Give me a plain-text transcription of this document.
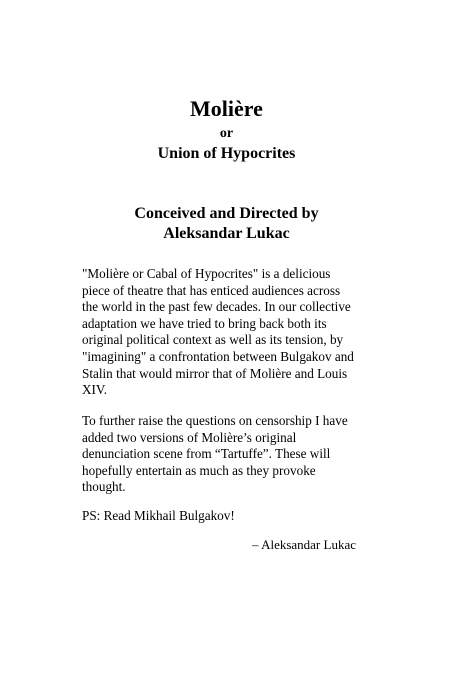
Molière
or
Union of Hypocrites
Conceived and Directed by
Aleksandar Lukac
"Molière or Cabal of Hypocrites" is a delicious
piece of theatre that has enticed audiences across
the world in the past few decades. In our collective
adaptation we have tried to bring back both its
original political context as well as its tension, by
"imagining" a confrontation between Bulgakov and
Stalin that would mirror that of Molière and Louis
XIV.
To further raise the questions on censorship I have
added two versions of Molière’s original
denunciation scene from “Tartuffe”. These will
hopefully entertain as much as they provoke
thought.
PS: Read Mikhail Bulgakov!
– Aleksandar Lukac
